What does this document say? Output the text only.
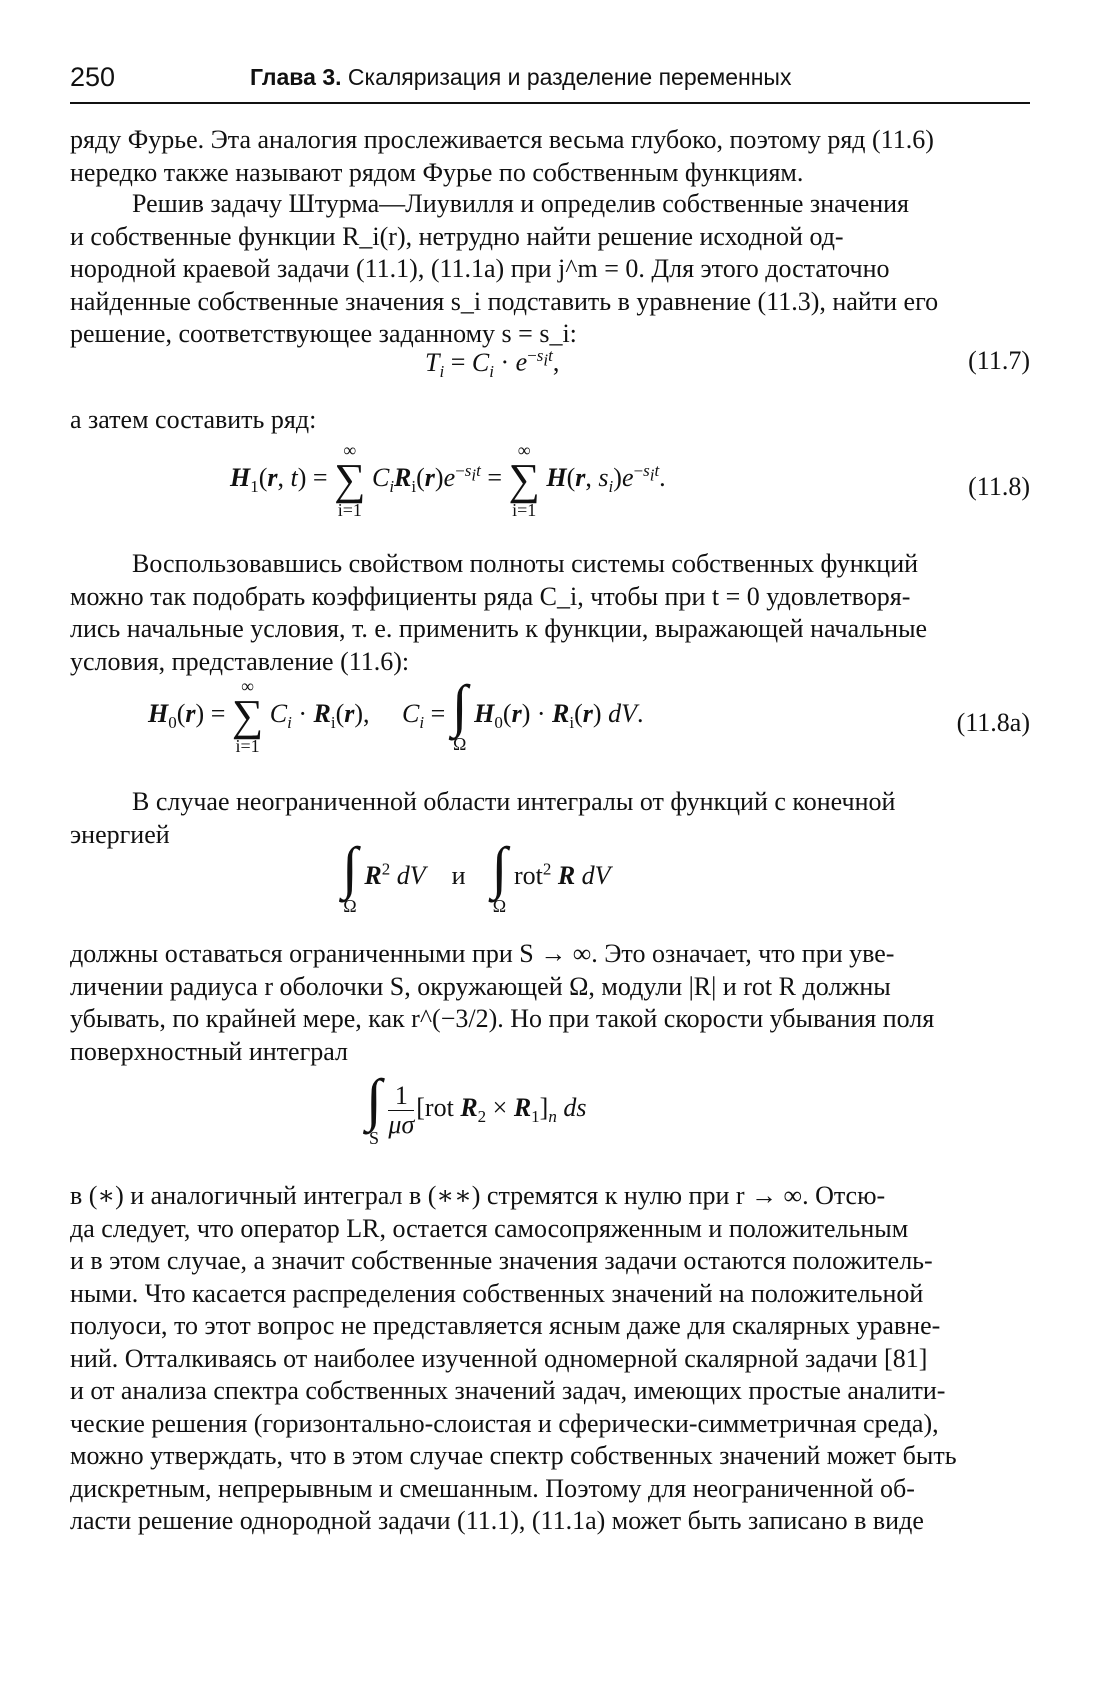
250	Глава 3. Скаляризация и разделение переменных
ряду Фурье. Эта аналогия прослеживается весьма глубоко, поэтому ряд (11.6)
нередко также называют рядом Фурье по собственным функциям.
Решив задачу Штурма—Лиувилля и определив собственные значения
и собственные функции R_i(r), нетрудно найти решение исходной од-
нородной краевой задачи (11.1), (11.1а) при j^m = 0. Для этого достаточно
найденные собственные значения s_i подставить в уравнение (11.3), найти его
решение, соответствующее заданному s = s_i:
$T_i = C_i \cdot e^{-s_it}$,	(11.7)
а затем составить ряд:
$H_1(r$, t) =
∞
∑
i=1
$C_iR_i(r)e^{-s_it}$ =
∞
∑
i=1
H(r, $s_i)e^{-s_it}$.	(11.8)
Воспользовавшись свойством полноты системы собственных функций
можно так подобрать коэффициенты ряда C_i, чтобы при t = 0 удовлетворя-
лись начальные условия, т. е. применить к функции, выражающей начальные
условия, представление (11.6):
$H_0(r)$ =
∞
∑
i=1
$C_i \cdot R_i(r)$,     $C_i$ = ∫
Ω
$H_0(r) \cdot R_i(r)$ dV.	(11.8a)
В случае неограниченной области интегралы от функций с конечной
энергией
∫
Ω
$R^2$ dV и ∫
Ω
rot$^2$ R dV
должны оставаться ограниченными при S → ∞. Это означает, что при уве-
личении радиуса r оболочки S, окружающей Ω, модули |R| и rot R должны
убывать, по крайней мере, как r^(−3/2). Но при такой скорости убывания поля
поверхностный интеграл
∫
S
$\frac{1}{\mu\sigma} [rot$ $R_2 \times R_1]_n$ ds
в (∗) и аналогичный интеграл в (∗∗) стремятся к нулю при r → ∞. Отсю-
да следует, что оператор LR, остается самосопряженным и положительным
и в этом случае, а значит собственные значения задачи остаются положитель-
ными. Что касается распределения собственных значений на положительной
полуоси, то этот вопрос не представляется ясным даже для скалярных уравне-
ний. Отталкиваясь от наиболее изученной одномерной скалярной задачи [81]
и от анализа спектра собственных значений задач, имеющих простые аналити-
ческие решения (горизонтально-слоистая и сферически-симметричная среда),
можно утверждать, что в этом случае спектр собственных значений может быть
дискретным, непрерывным и смешанным. Поэтому для неограниченной об-
ласти решение однородной задачи (11.1), (11.1а) может быть записано в виде
